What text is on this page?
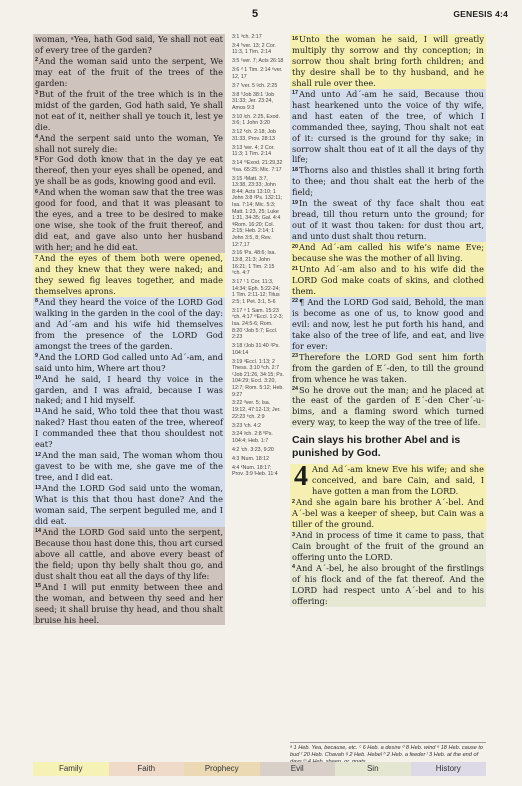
5	GENESIS 4:4
woman, ᵃYea, hath God said, Ye shall not eat of every tree of the garden?
$^2$And the woman said unto the serpent, We may eat of the fruit of the trees of the garden:
$^3$But of the fruit of the tree which is in the midst of the garden, God hath said, Ye shall not eat of it, neither shall ye touch it, lest ye die.
$^4$And the serpent said unto the woman, Ye shall not surely die:
$^5$For God doth know that in the day ye eat thereof, then your eyes shall be opened, and ye shall be as gods, knowing good and evil.
$^6$And when the woman saw that the tree was good for food, and that it was pleasant to the eyes, and a tree to be desired to make one wise, she took of the fruit thereof, and did eat, and gave also unto her husband with her; and he did eat.
$^7$And the eyes of them both were opened, and they knew that they were naked; and they sewed fig leaves together, and made themselves aprons.
$^8$And they heard the voice of the LORD God walking in the garden in the cool of the day: and Ad´-am and his wife hid themselves from the presence of the LORD God amongst the trees of the garden.
$^9$And the LORD God called unto Ad´-am, and said unto him, Where art thou?
$^{10}$And he said, I heard thy voice in the garden, and I was afraid, because I was naked; and I hid myself.
$^{11}$And he said, Who told thee that thou wast naked? Hast thou eaten of the tree, whereof I commanded thee that thou shouldest not eat?
$^{12}$And the man said, The woman whom thou gavest to be with me, she gave me of the tree, and I did eat.
$^{13}$And the LORD God said unto the woman, What is this that thou hast done? And the woman said, The serpent beguiled me, and I did eat.
$^{14}$And the LORD God said unto the serpent, Because thou hast done this, thou art cursed above all cattle, and above every beast of the field; upon thy belly shalt thou go, and dust shalt thou eat all the days of thy life:
$^{15}$And I will put enmity between thee and the woman, and between thy seed and her seed; it shall bruise thy head, and thou shalt bruise his heel.
3:1 ᵃch. 2:17
3:4 ᵇver. 13; 2 Cor. 11:3, 1 Tim. 2:14
3:5 ᶜver. 7; Acts 26:18
3:6 ᵈ 1 Tim. 2:14 ᵉver. 12, 17
3:7 ᶠver. 5 ᵍch. 2:25
3:8 ʰJob 38:1 ⁱJob 31:33; Jer. 23:24, Amos 9:3
3:10 ʲch. 2:25, Exod. 3:6; 1 John 3:20
3:12 ᵏch. 2:18; Job 31:33, Prov. 28:13
3:13 ˡver. 4; 2 Cor. 11:3; 1 Tim. 2:14
3:14 ᵐExod. 21:29,32 ⁿIsa. 65:25; Mic. 7:17
3:15 ᵒMatt. 3:7, 13:38, 23:33; John 8:44; Acts 13:10; 1 John 3:8 ᵖPs. 132:11; Isa. 7:14; Mic. 5:3; Matt. 1:23, 25; Luke 1:31, 34-35; Gal. 4:4 ᵠRom. 16:20; Col. 2:15; Heb. 2:14; 1 John 3:5, 8; Rev. 12:7,17
3:16 ʳPs. 48:6; Isa. 13:8, 21:3; John 16:21; 1 Tim. 2:15 ˢch. 4:7
3:17 ᵗ 1 Cor. 11:3, 14:34; Eph. 5:22-24; 1 Tim. 2:11-12; Titus 2:5; 1 Pet. 3:1, 5-6
3:17 ᵘ 1 Sam. 15:23 ᵛch. 4:17 ʷEccl. 1:2-3; Isa. 24:5-6; Rom. 8:20 ˣJob 5:7; Eccl. 2:23
3:18 ʸJob 31:40 ᶻPs. 104:14
3:19 ᵃEccl. 1:13; 2 Thess. 3:10 ᵇch. 2:7 ᶜJob 21:26, 34:15; Ps. 104:29; Eccl. 3:20, 12:7; Rom. 5:12; Heb. 9:27
3:22 ᵈver. 5; Isa. 19:12, 47:12-13; Jer. 22:23 ᵉch. 2:9
3:23 ᶠch. 4:2
3:24 ᵍch. 2:8 ʰPs. 104:4; Heb. 1:7
4:2 ⁱch. 3:23, 9:20
4:3 ʲNum. 18:12
4:4 ᵏNum. 18:17; Prov. 3:9 ˡHeb. 11:4
$^{16}$Unto the woman he said, I will greatly multiply thy sorrow and thy conception; in sorrow thou shalt bring forth children; and thy desire shall be to thy husband, and he shall rule over thee.
$^{17}$And unto Ad´-am he said, Because thou hast hearkened unto the voice of thy wife, and hast eaten of the tree, of which I commanded thee, saying, Thou shalt not eat of it: cursed is the ground for thy sake; in sorrow shalt thou eat of it all the days of thy life;
$^{18}$Thorns also and thistles shall it bring forth to thee; and thou shalt eat the herb of the field;
$^{19}$In the sweat of thy face shalt thou eat bread, till thou return unto the ground; for out of it wast thou taken: for dust thou art, and unto dust shalt thou return.
$^{20}$And Ad´-am called his wife’s name Eve; because she was the mother of all living.
$^{21}$Unto Ad´-am also and to his wife did the LORD God make coats of skins, and clothed them.
$^{22}$¶ And the LORD God said, Behold, the man is become as one of us, to know good and evil: and now, lest he put forth his hand, and take also of the tree of life, and eat, and live for ever:
$^{23}$Therefore the LORD God sent him forth from the garden of E´-den, to till the ground from whence he was taken.
$^{24}$So he drove out the man; and he placed at the east of the garden of E´-den Cher´-u-bims, and a flaming sword which turned every way, to keep the way of the tree of life.
Cain slays his brother Abel and is punished by God.
4 And Ad´-am knew Eve his wife; and she conceived, and bare Cain, and said, I have gotten a man from the LORD.
$^2$And she again bare his brother A´-bel. And A´-bel was a keeper of sheep, but Cain was a tiller of the ground.
$^3$And in process of time it came to pass, that Cain brought of the fruit of the ground an offering unto the LORD.
$^4$And A´-bel, he also brought of the firstlings of his flock and of the fat thereof. And the LORD had respect unto A´-bel and to his offering:
ᵃ 1 Heb. Yea, because, etc. ᶜ 6 Heb. a desire ᵈ 8 Heb. wind ᵉ 18 Heb. cause to bud ᶠ 20 Heb. Chavah ᵍ 2 Heb. Hebel ʰ 2 Heb. a feeder ˡ 3 Heb. at the end of
Family	Faith	Prophecy	Evil	Sin	History
